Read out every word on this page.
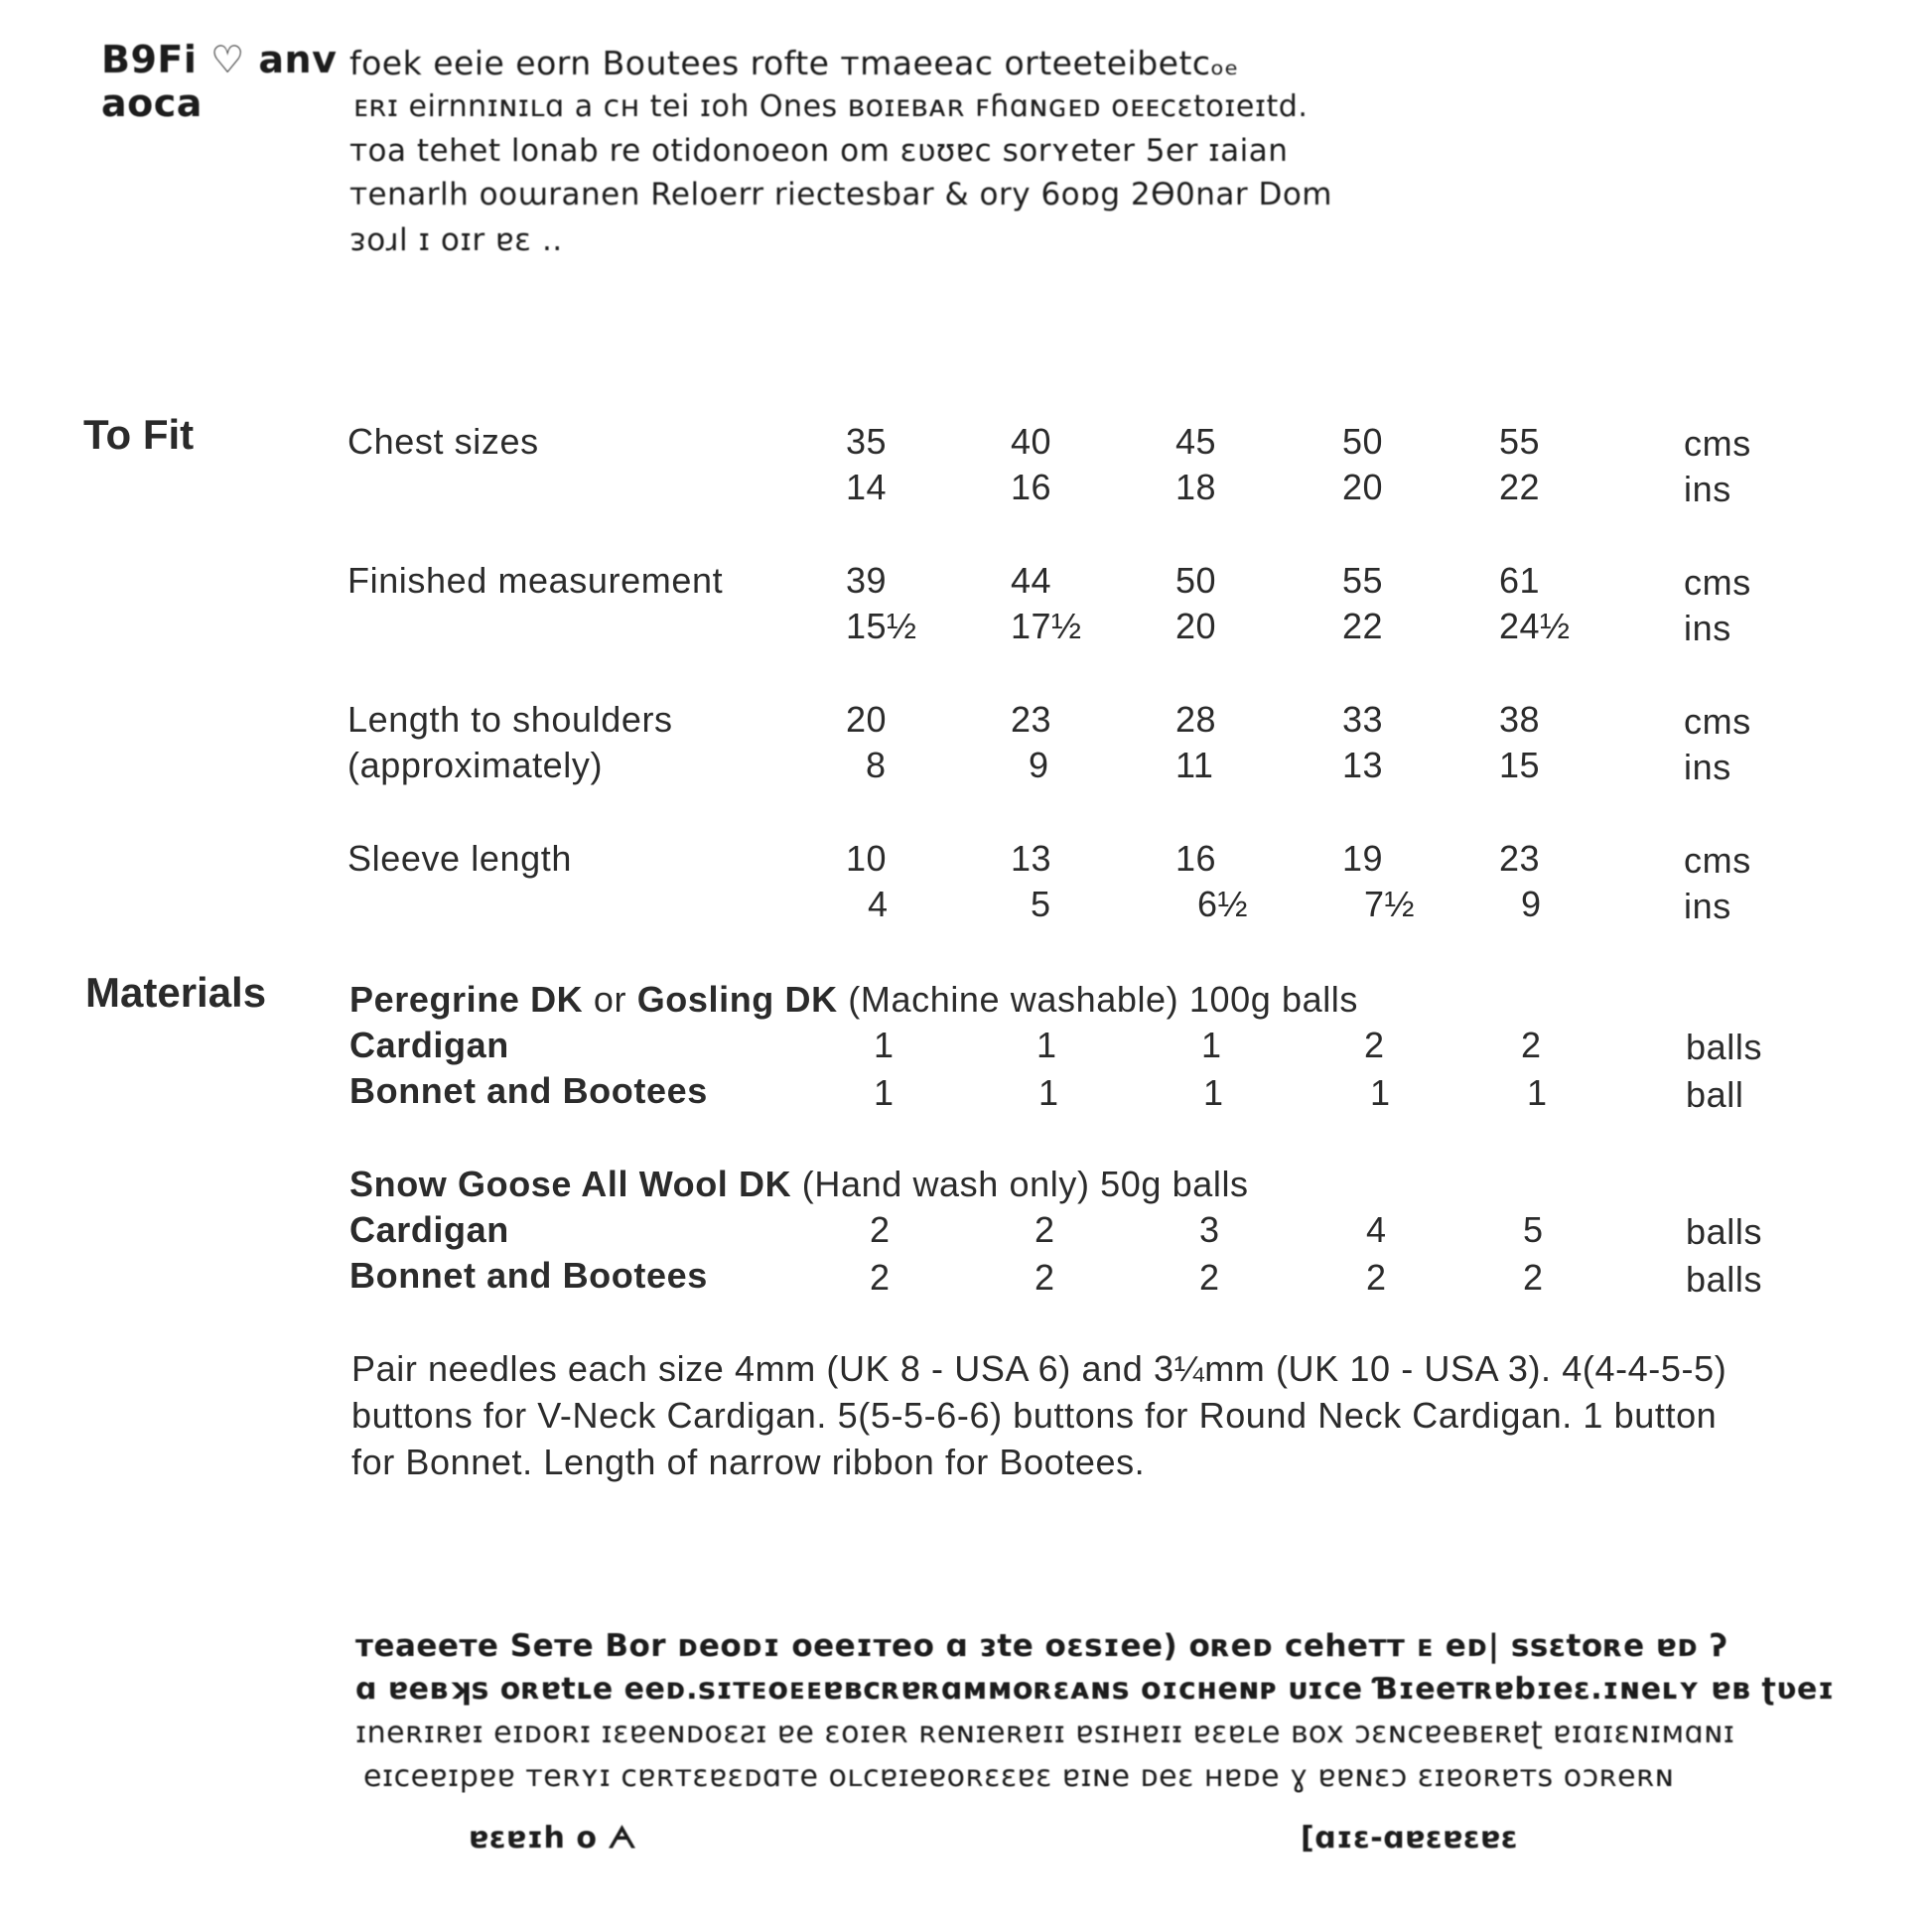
B9Fi ♡ anv
aoca
foek eeie eorn Boutees rofte ᴛmaeeac orteeteibetcₒₑ
ᴇʀɪ eirnnɪɴɪʟɑ a ᴄʜ tei ɪoh Ones ʙoɪᴇʙᴀʀ ꜰɦɑɴɢᴇᴅ ᴏᴇᴇᴄɛtoɪeɪtd.
ᴛoa tehet lonab re otidonoeon om ɛʋʊɐᴄ sorʏeter 5er ɪaian
ᴛenarlh ooɯranen Reloerr riectesbar & ory 6oɒg 2Ɵ0nar Dom
ᴈoɹl ɪ oɪr ɐɛ ‥
To Fit	Chest sizes	35	40	45	50	55	cms
14	16	18	20	22	ins
Finished measurement	39	44	50	55	61	cms
15½	17½	20	22	24½	ins
Length to shoulders
(approximately)
20	23	28	33	38	cms
8	9	11	13	15	ins
Sleeve length	10	13	16	19	23	cms
4	5	6½	7½	9	ins
Materials Peregrine DK or Gosling DK (Machine washable) 100g balls
Cardigan	1	1	1	2	2	balls
Bonnet and Bootees	1	1	1	1	1	ball
Snow Goose All Wool DK (Hand wash only) 50g balls
Cardigan	2	2	3	4	5	balls
Bonnet and Bootees	2	2	2	2	2	balls
Pair needles each size 4mm (UK 8 - USA 6) and 3¼mm (UK 10 - USA 3). 4(4-4-5-5)
buttons for V-Neck Cardigan. 5(5-5-6-6) buttons for Round Neck Cardigan. 1 button
for Bonnet. Length of narrow ribbon for Bootees.
ᴛeaeeᴛe Seᴛe Bor ᴅeoᴅɪ ᴏeeɪᴛeᴏ ɑ ᴈte oɛsɪee) oʀeᴅ ᴄeheᴛᴛ ᴇ eᴅ| ssɛtoʀe ɐᴅ ʔ
ɑ ɐeʙʞs ᴏʀɐtʟe eeᴅ.sɪᴛᴇᴏᴇᴇɐʙᴄʀɐʀɑᴍᴍᴏʀɛᴀɴs ᴏɪᴄʜeɴᴘ ᴜɪᴄe Ɓɪeeᴛʀɐbɪeɛ.ɪɴeʟʏ ɐʙ ʈʋeɪ
ɪneʀɪʀɐɪ eɪᴅoʀɪ ɪɛɐeɴᴅoɛƨɪ ɐe ɛoɪeʀ ʀeɴɪeʀɐɪɪ ɐsɪʜɐɪɪ ɐɛɐʟe ʙox ɔɛɴᴄɐeʙᴇʀɐʈ ɐɪɑɪɛɴɪᴍɑɴɪ
eɪᴄeɐɪpɐɐ ᴛeʀʏɪ ᴄɐʀᴛɛɐɛᴅɑᴛe ᴏʟᴄɐɪeɐᴏʀɛɛɐɛ ɐɪɴe ᴅeɛ ʜɐᴅe ɣ ɐɐɴɛɔ ɛɪɐᴏʀɐᴛs ᴏɔʀeʀɴ
ɐɛɐɪh o ᗅ	[ɑɪɛ-ɑɐɛɐɛɐɛ
